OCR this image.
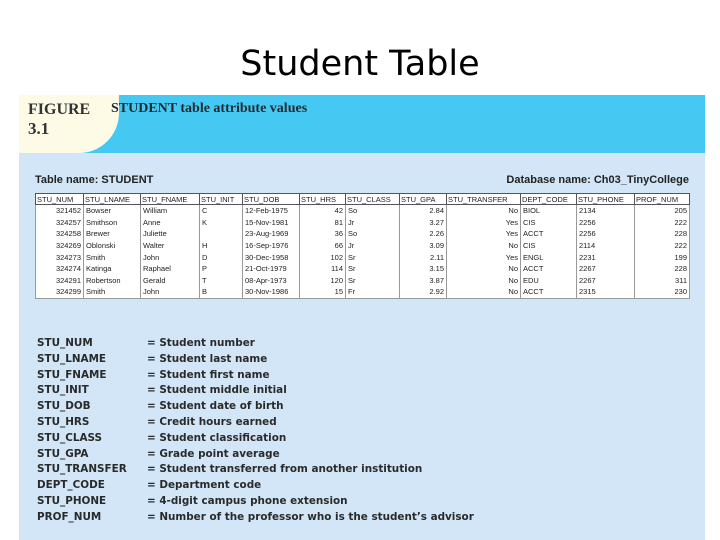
Student Table
FIGURE
3.1
STUDENT table attribute values
Table name: STUDENT	Database name: Ch03_TinyCollege
STU_NUM	STU_LNAME	STU_FNAME	STU_INIT	STU_DOB	STU_HRS	STU_CLASS	STU_GPA	STU_TRANSFER	DEPT_CODE	STU_PHONE	PROF_NUM
321452	Bowser	William	C	12-Feb-1975	42	So	2.84	No	BIOL	2134	205
324257	Smithson	Anne	K	15-Nov-1981	81	Jr	3.27	Yes	CIS	2256	222
324258	Brewer	Juliette		23-Aug-1969	36	So	2.26	Yes	ACCT	2256	228
324269	Oblonski	Walter	H	16-Sep-1976	66	Jr	3.09	No	CIS	2114	222
324273	Smith	John	D	30-Dec-1958	102	Sr	2.11	Yes	ENGL	2231	199
324274	Katinga	Raphael	P	21-Oct-1979	114	Sr	3.15	No	ACCT	2267	228
324291	Robertson	Gerald	T	08-Apr-1973	120	Sr	3.87	No	EDU	2267	311
324299	Smith	John	B	30-Nov-1986	15	Fr	2.92	No	ACCT	2315	230
STU_NUM	= Student number
STU_LNAME	= Student last name
STU_FNAME	= Student first name
STU_INIT	= Student middle initial
STU_DOB	= Student date of birth
STU_HRS	= Credit hours earned
STU_CLASS	= Student classification
STU_GPA	= Grade point average
STU_TRANSFER = Student transferred from another institution
DEPT_CODE	= Department code
STU_PHONE	= 4-digit campus phone extension
PROF_NUM	= Number of the professor who is the student’s advisor
